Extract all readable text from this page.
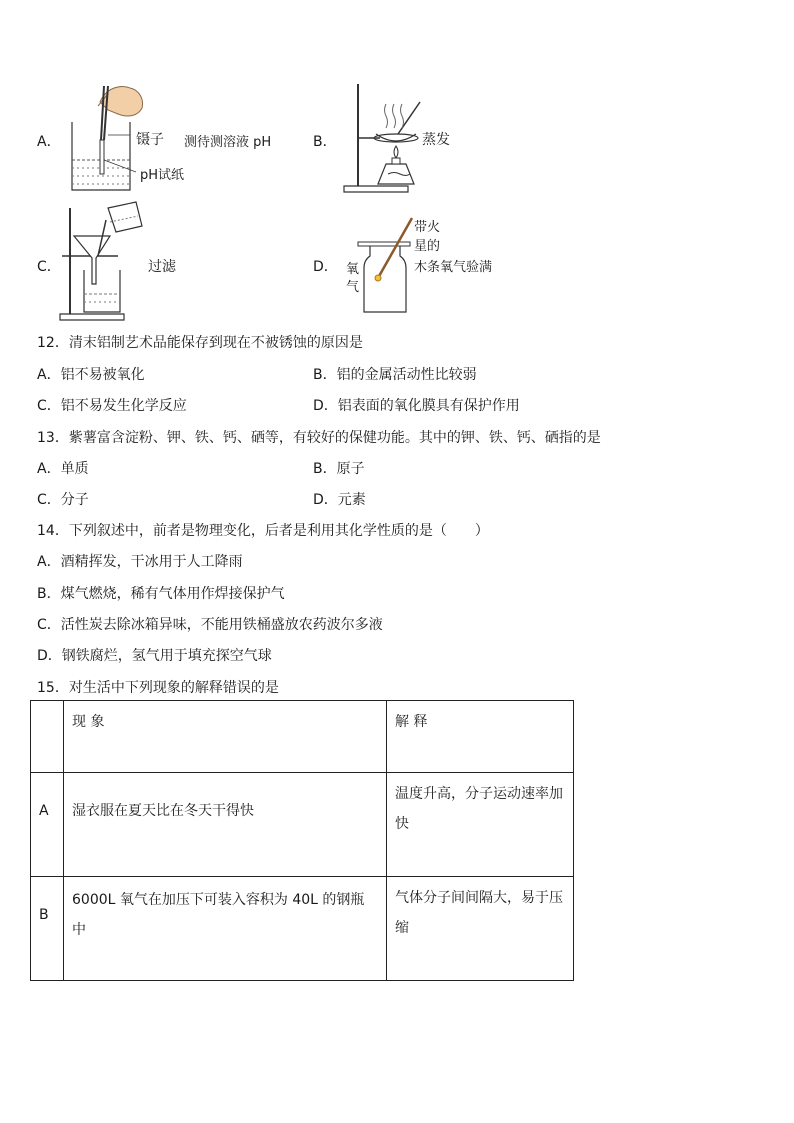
A．	镊子
pH试纸
测待测溶液 pH	B．	蒸发
C．	过滤	D．
带火
星的
氧
气
木条氧气验满
12．清末铝制艺术品能保存到现在不被锈蚀的原因是
A．铝不易被氧化	B．铝的金属活动性比较弱
C．铝不易发生化学反应	D．铝表面的氧化膜具有保护作用
13．紫薯富含淀粉、钾、铁、钙、硒等，有较好的保健功能。其中的钾、铁、钙、硒指的是
A．单质	B．原子
C．分子	D．元素
14．下列叙述中，前者是物理变化，后者是利用其化学性质的是（　　）
A．酒精挥发，干冰用于人工降雨
B．煤气燃烧，稀有气体用作焊接保护气
C．活性炭去除冰箱异味，不能用铁桶盛放农药波尔多液
D．钢铁腐烂，氢气用于填充探空气球
15．对生活中下列现象的解释错误的是
	现 象	解 释
A	湿衣服在夏天比在冬天干得快	温度升高，分子运动速率加快
B	6000L 氧气在加压下可装入容积为 40L 的钢瓶中	气体分子间间隔大，易于压缩
